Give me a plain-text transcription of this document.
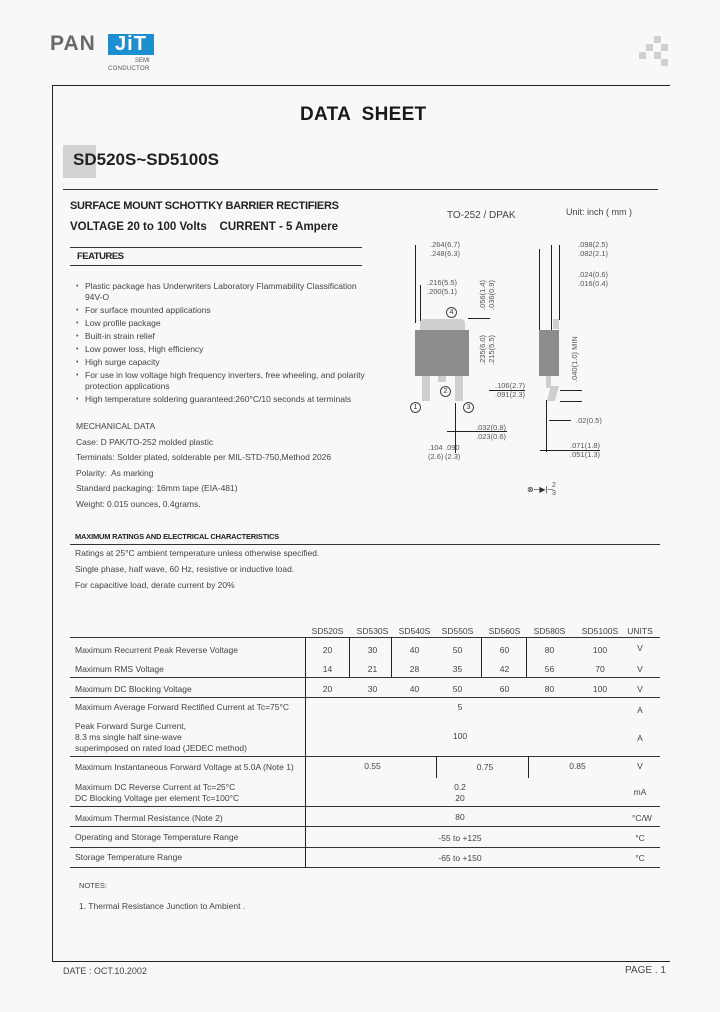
PAN JiT
SEMI
CONDUCTOR
DATA  SHEET
SD520S~SD5100S
SURFACE MOUNT SCHOTTKY BARRIER RECTIFIERS
VOLTAGE 20 to 100 Volts    CURRENT - 5 Ampere
FEATURES
• Plastic package has Underwriters Laboratory Flammability Classification 94V-O
• For surface mounted applications
• Low profile package
• Built-in strain relief
• Low power loss, High efficiency
• High surge capacity
• For use in low voltage high frequency inverters, free wheeling, and polarity protection applications
• High temperature soldering guaranteed:260°C/10 seconds at terminals
MECHANICAL DATA
Case: D PAK/TO-252 molded plastic
Terminals: Solder plated, solderable per MIL-STD-750,Method 2026
Polarity:  As marking
Standard packaging: 16mm tape (EIA-481)
Weight: 0.015 ounces, 0.4grams.
TO-252 / DPAK	Unit: inch ( mm )
.264(6.7)
.248(6.3)
.216(5.5)
.200(5.1)	.056(1.4) .036(0.9)
4
2
1	3
.235(6.0) .215(5.5)
.106(2.7)
.091(2.3)
.032(0.8)
.023(0.6)
.104
(2.6)
.090
(2.3)
.098(2.5)
.082(2.1)
.024(0.6)
.016(0.4)
.040(1.0) MIN
.02(0.5)
.071(1.8)
.051(1.3)
⊗─▶|─
2
3
MAXIMUM RATINGS AND ELECTRICAL CHARACTERISTICS
Ratings at 25°C ambient temperature unless otherwise specified.
Single phase, half wave, 60 Hz, resistive or inductive load.
For capacitive load, derate current by 20%
SD520S	SD530S	SD540S	SD550S	SD560S	SD580S	SD5100S	UNITS
Maximum Recurrent Peak Reverse Voltage	20	30	40	50	60	80	100	V
Maximum RMS Voltage	14	21	28	35	42	56	70	V
Maximum DC Blocking Voltage	20	30	40	50	60	80	100	V
Maximum Average Forward Rectified Current at Tc=75°C	5	A
Peak Forward Surge Current,
8.3 ms single half sine-wave
superimposed on rated load (JEDEC method)
100	A
Maximum Instantaneous Forward Voltage at 5.0A (Note 1)	0.55	0.75	0.85	V
Maximum DC Reverse Current at Tc=25°C
DC Blocking Voltage per element Tc=100°C
0.2
20
mA
Maximum Thermal Resistance (Note 2)	80	°C/W
Operating and Storage Temperature Range	-55 to +125	°C
Storage Temperature Range	-65 to +150	°C
NOTES:
1. Thermal Resistance Junction to Ambient .
DATE : OCT.10.2002	PAGE . 1
